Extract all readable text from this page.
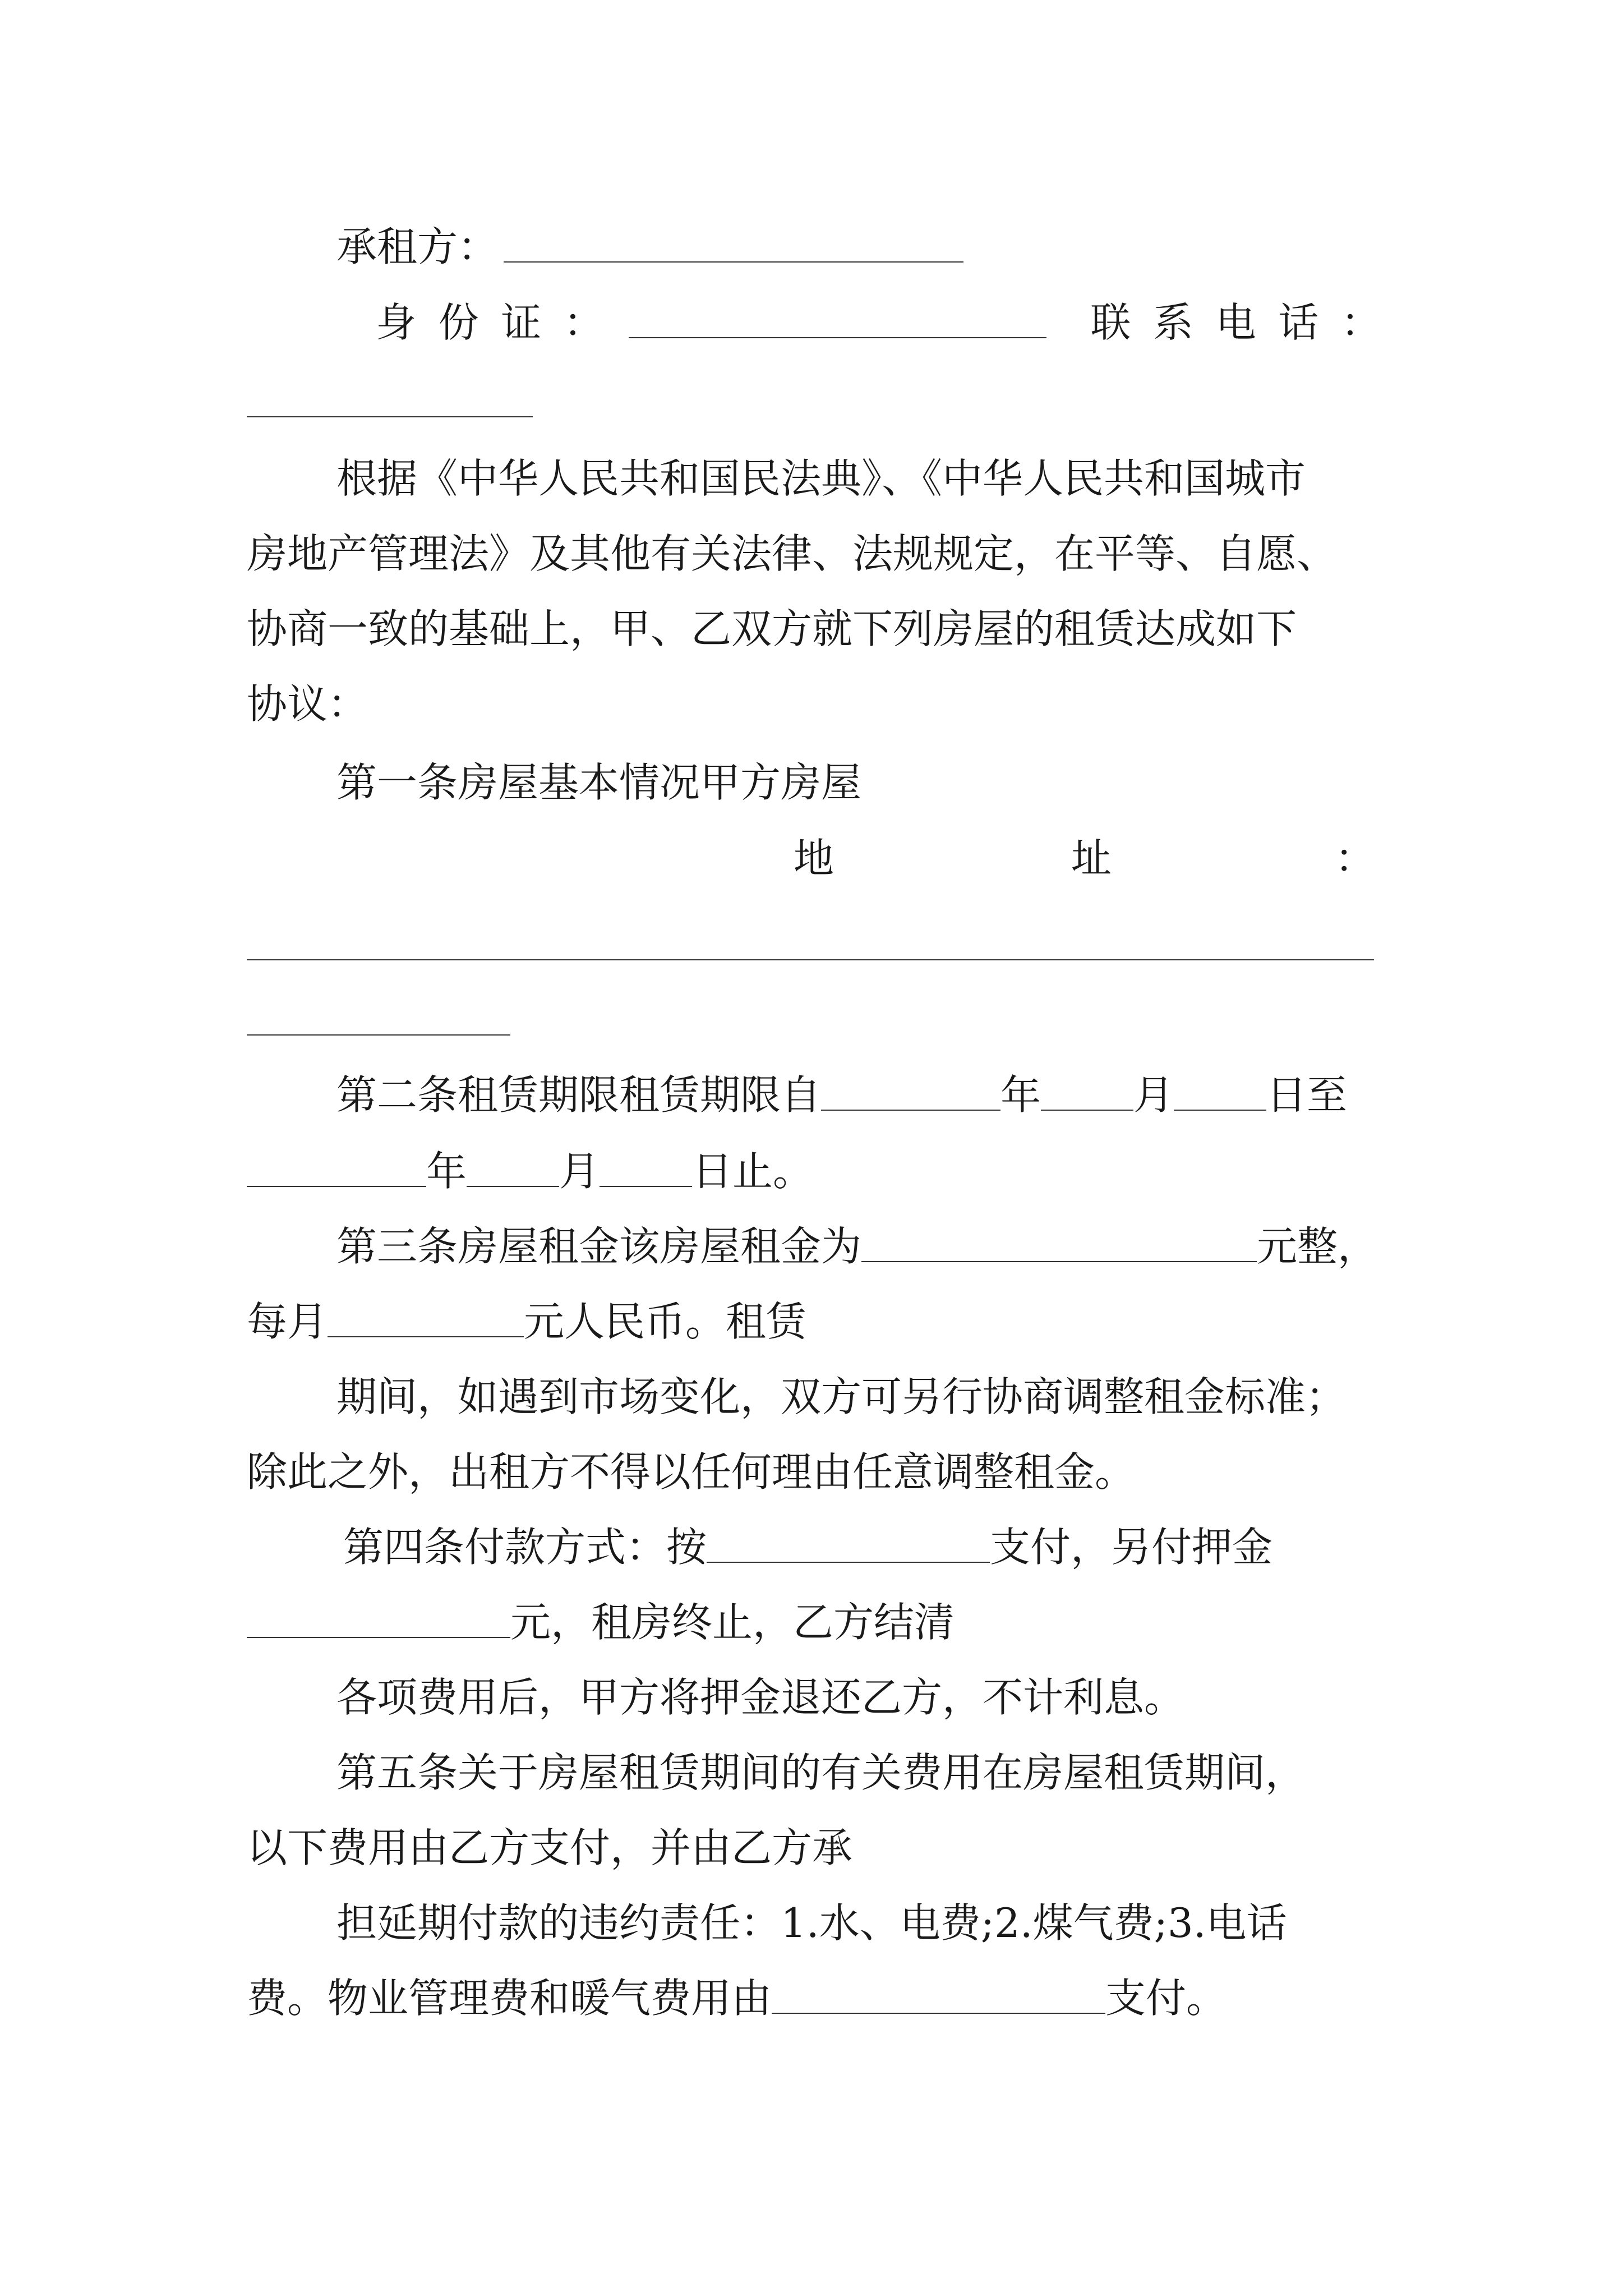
承租方：
身份证：	联系电话：
根据《中华人民共和国民法典》、《中华人民共和国城市
房地产管理法》及其他有关法律、法规规定，在平等、自愿、
协商一致的基础上，甲、乙双方就下列房屋的租赁达成如下
协议：
第一条房屋基本情况甲方房屋
地	址	：
第二条租赁期限租赁期限自	年 月 日至
年 月 日止。
第三条房屋租金该房屋租金为	元整，
每月	元人民币。租赁
期间，如遇到市场变化，双方可另行协商调整租金标准；
除此之外，出租方不得以任何理由任意调整租金。
第四条付款方式：按	支付，另付押金
元，租房终止，乙方结清
各项费用后，甲方将押金退还乙方，不计利息。
第五条关于房屋租赁期间的有关费用在房屋租赁期间，
以下费用由乙方支付，并由乙方承
担延期付款的违约责任：1.水、电费;2.煤气费;3.电话
费。物业管理费和暖气费用由	支付。
